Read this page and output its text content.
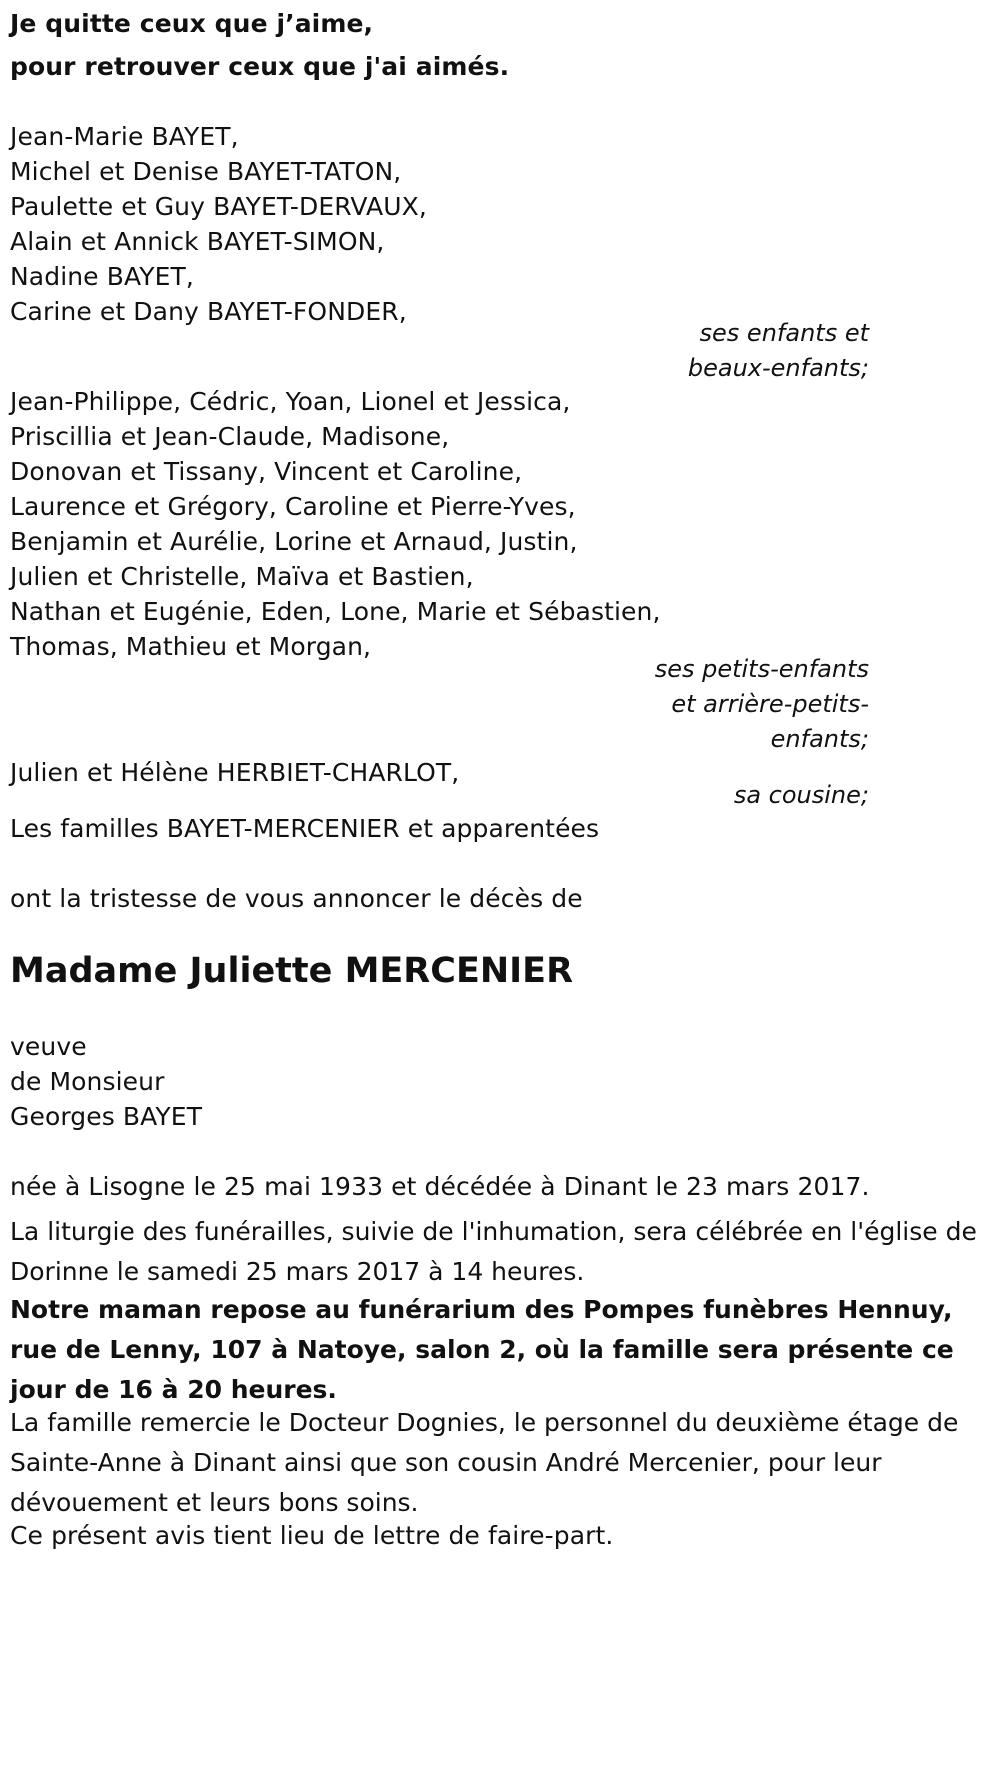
Je quitte ceux que j’aime,
pour retrouver ceux que j'ai aimés.
Jean-Marie BAYET,
Michel et Denise BAYET-TATON,
Paulette et Guy BAYET-DERVAUX,
Alain et Annick BAYET-SIMON,
Nadine BAYET,
Carine et Dany BAYET-FONDER,
ses enfants et
beaux-enfants;
Jean-Philippe, Cédric, Yoan, Lionel et Jessica,
Priscillia et Jean-Claude, Madisone,
Donovan et Tissany, Vincent et Caroline,
Laurence et Grégory, Caroline et Pierre-Yves,
Benjamin et Aurélie, Lorine et Arnaud, Justin,
Julien et Christelle, Maïva et Bastien,
Nathan et Eugénie, Eden, Lone, Marie et Sébastien,
Thomas, Mathieu et Morgan,
ses petits-enfants
et arrière-petits-
enfants;
Julien et Hélène HERBIET-CHARLOT,
sa cousine;
Les familles BAYET-MERCENIER et apparentées
ont la tristesse de vous annoncer le décès de
Madame Juliette MERCENIER
veuve
de Monsieur
Georges BAYET
née à Lisogne le 25 mai 1933 et décédée à Dinant le 23 mars 2017.

La liturgie des funérailles, suivie de l'inhumation, sera célébrée en l'église de Dorinne le samedi 25 mars 2017 à 14 heures.

Notre maman repose au funérarium des Pompes funèbres Hennuy, rue de Lenny, 107 à Natoye, salon 2, où la famille sera présente ce jour de 16 à 20 heures.

La famille remercie le Docteur Dognies, le personnel du deuxième étage de Sainte-Anne à Dinant ainsi que son cousin André Mercenier, pour leur dévouement et leurs bons soins.

Ce présent avis tient lieu de lettre de faire-part.
